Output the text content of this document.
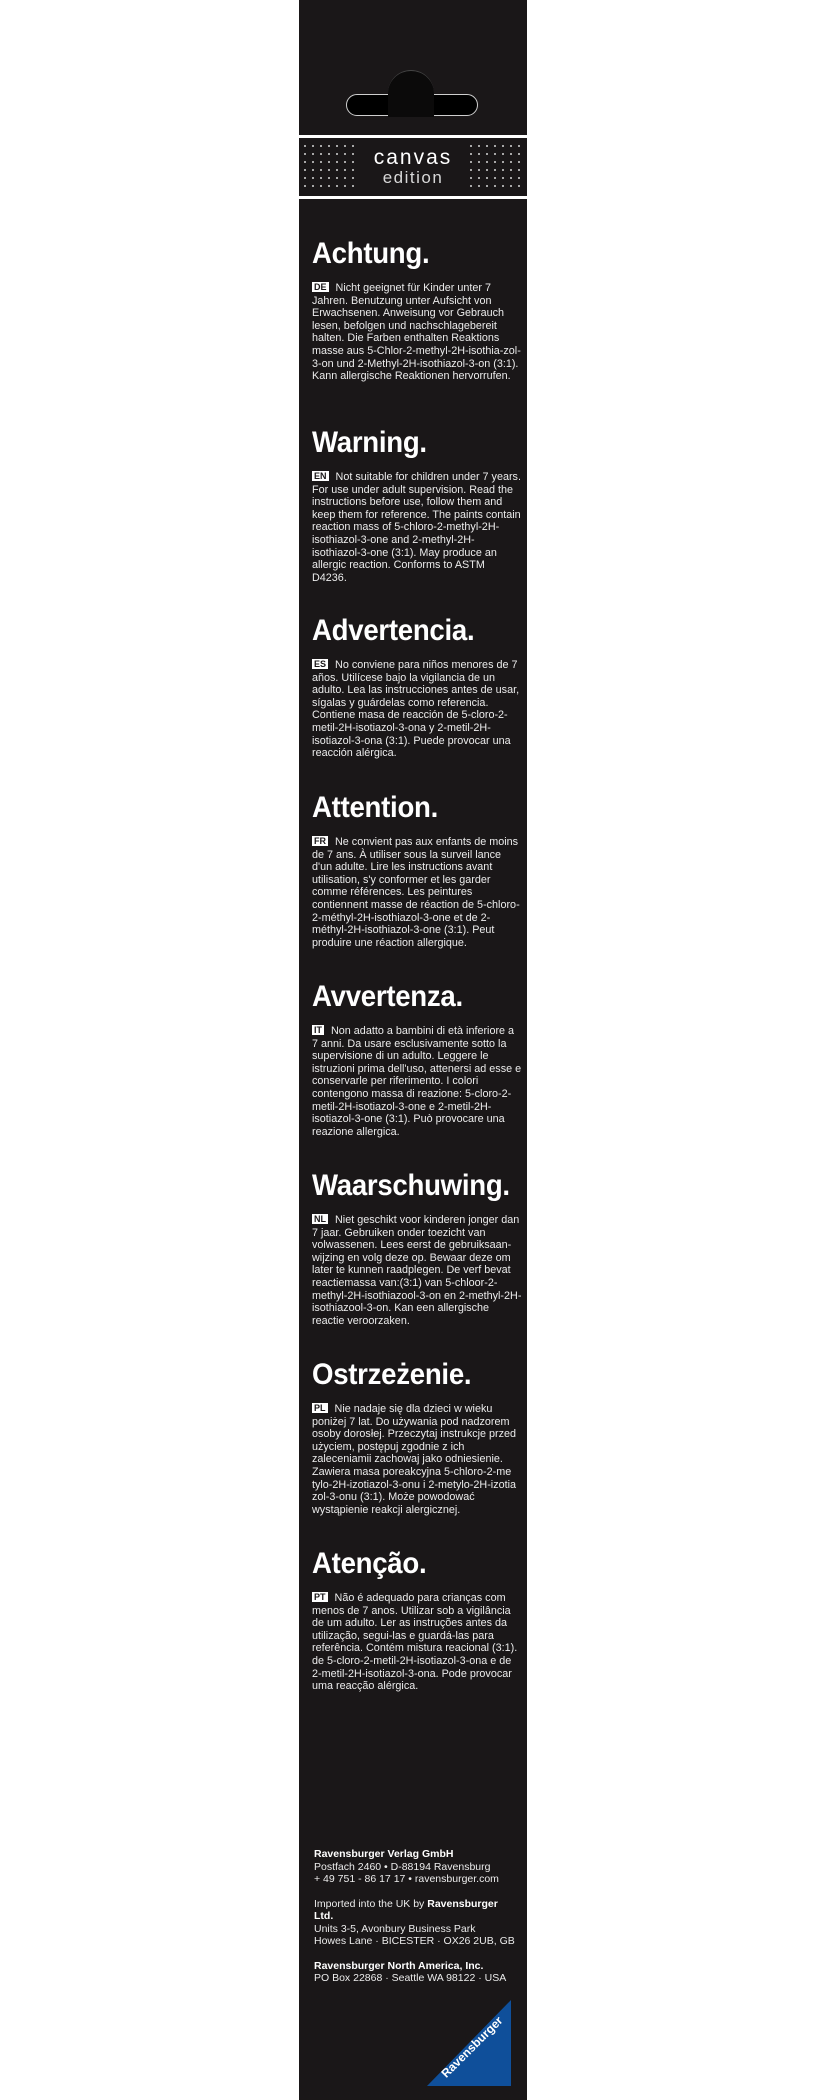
canvas
edition
Achtung.
DE Nicht geeignet für Kinder unter 7 Jahren. Benutzung unter Aufsicht von Erwachsenen. Anweisung vor Gebrauch lesen, befolgen und nachschlagebereit halten. Die Farben enthalten Reaktions masse aus 5-Chlor-2-methyl-2H-isothia-zol-3-on und 2-Methyl-2H-isothiazol-3-on (3:1). Kann allergische Reaktionen hervorrufen.
Warning.
EN Not suitable for children under 7 years. For use under adult supervision. Read the instructions before use, follow them and keep them for reference. The paints contain reaction mass of 5-chloro-2-methyl-2H-isothiazol-3-one and 2-methyl-2H-isothiazol-3-one (3:1). May produce an allergic reaction. Conforms to ASTM D4236.
Advertencia.
ES No conviene para niños menores de 7 años. Utilícese bajo la vigilancia de un adulto. Lea las instrucciones antes de usar, sígalas y guárdelas como referencia. Contiene masa de reacción de 5-cloro-2-metil-2H-isotiazol-3-ona y 2-metil-2H-isotiazol-3-ona (3:1). Puede provocar una reacción alérgica.
Attention.
FR Ne convient pas aux enfants de moins de 7 ans. À utiliser sous la surveil lance d'un adulte. Lire les instructions avant utilisation, s'y conformer et les garder comme références. Les peintures contiennent masse de réaction de 5-chloro-2-méthyl-2H-isothiazol-3-one et de 2-méthyl-2H-isothiazol-3-one (3:1). Peut produire une réaction allergique.
Avvertenza.
IT Non adatto a bambini di età inferiore a 7 anni. Da usare esclusivamente sotto la supervisione di un adulto. Leggere le istruzioni prima dell'uso, attenersi ad esse e conservarle per riferimento. I colori contengono massa di reazione: 5-cloro-2-metil-2H-isotiazol-3-one e 2-metil-2H-isotiazol-3-one (3:1). Può provocare una reazione allergica.
Waarschuwing.
NL Niet geschikt voor kinderen jonger dan 7 jaar. Gebruiken onder toezicht van volwassenen. Lees eerst de gebruiksaan-wijzing en volg deze op. Bewaar deze om later te kunnen raadplegen. De verf bevat reactiemassa van:(3:1) van 5-chloor-2-methyl-2H-isothiazool-3-on en 2-methyl-2H-isothiazool-3-on. Kan een allergische reactie veroorzaken.
Ostrzeżenie.
PL Nie nadaje się dla dzieci w wieku poniżej 7 lat. Do używania pod nadzorem osoby dorosłej. Przeczytaj instrukcje przed użyciem, postępuj zgodnie z ich zaleceniamii zachowaj jako odniesienie. Zawiera masa poreakcyjna 5-chloro-2-me tylo-2H-izotiazol-3-onu i 2-metylo-2H-izotia zol-3-onu (3:1). Może powodować wystąpienie reakcji alergicznej.
Atenção.
PT Não é adequado para crianças com menos de 7 anos. Utilizar sob a vigilância de um adulto. Ler as instruções antes da utilização, segui-las e guardá-las para referência. Contém mistura reacional (3:1). de 5-cloro-2-metil-2H-isotiazol-3-ona e de 2-metil-2H-isotiazol-3-ona. Pode provocar uma reacção alérgica.
Ravensburger Verlag GmbH
Postfach 2460 • D-88194 Ravensburg
+ 49 751 - 86 17 17 • ravensburger.com
Imported into the UK by Ravensburger Ltd.
Units 3-5, Avonbury Business Park
Howes Lane · BICESTER · OX26 2UB, GB
Ravensburger North America, Inc.
PO Box 22868 · Seattle WA 98122 · USA
Ravensburger
